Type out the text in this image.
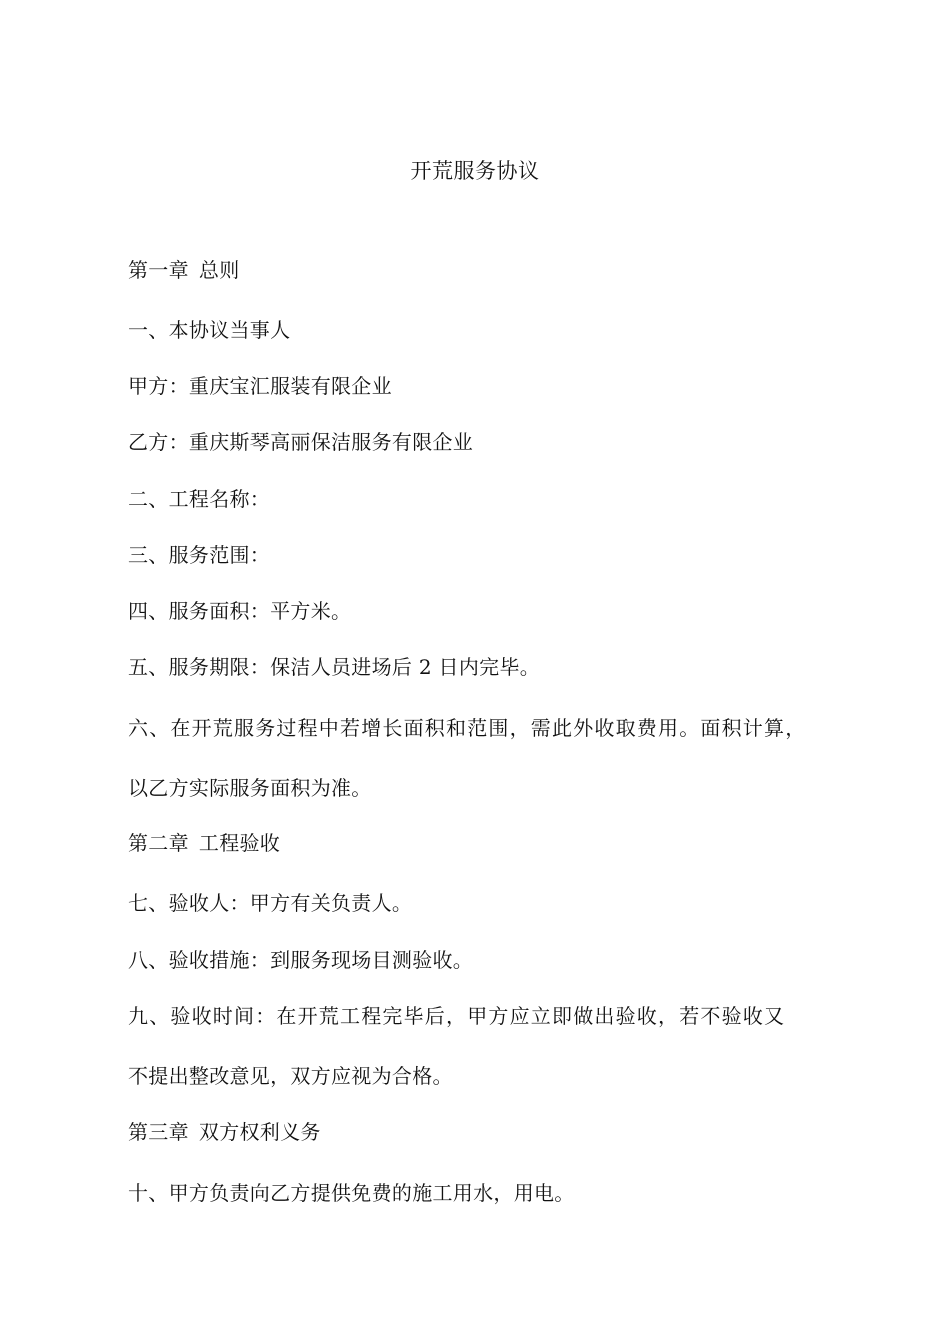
开荒服务协议
第一章 总则
一、本协议当事人
甲方：重庆宝汇服装有限企业
乙方：重庆斯琴高丽保洁服务有限企业
二、工程名称：
三、服务范围：
四、服务面积：平方米。
五、服务期限：保洁人员进场后 2 日内完毕。
六、在开荒服务过程中若增长面积和范围，需此外收取费用。面积计算，
以乙方实际服务面积为准。
第二章 工程验收
七、验收人：甲方有关负责人。
八、验收措施：到服务现场目测验收。
九、验收时间：在开荒工程完毕后，甲方应立即做出验收，若不验收又
不提出整改意见，双方应视为合格。
第三章 双方权利义务
十、甲方负责向乙方提供免费的施工用水，用电。
